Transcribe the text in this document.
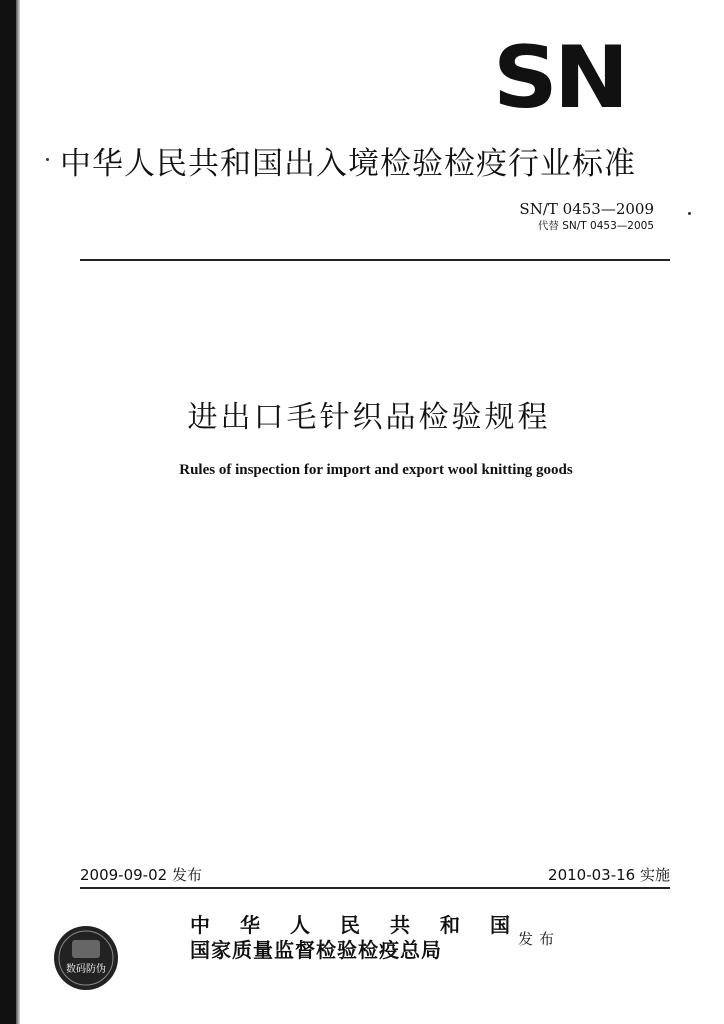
SN
中华人民共和国出入境检验检疫行业标准
SN/T 0453—2009
代替 SN/T 0453—2005
进出口毛针织品检验规程
Rules of inspection for import and export wool knitting goods
2009-09-02 发布	2010-03-16 实施
数码防伪
中华人民共和国
国家质量监督检验检疫总局	发布
